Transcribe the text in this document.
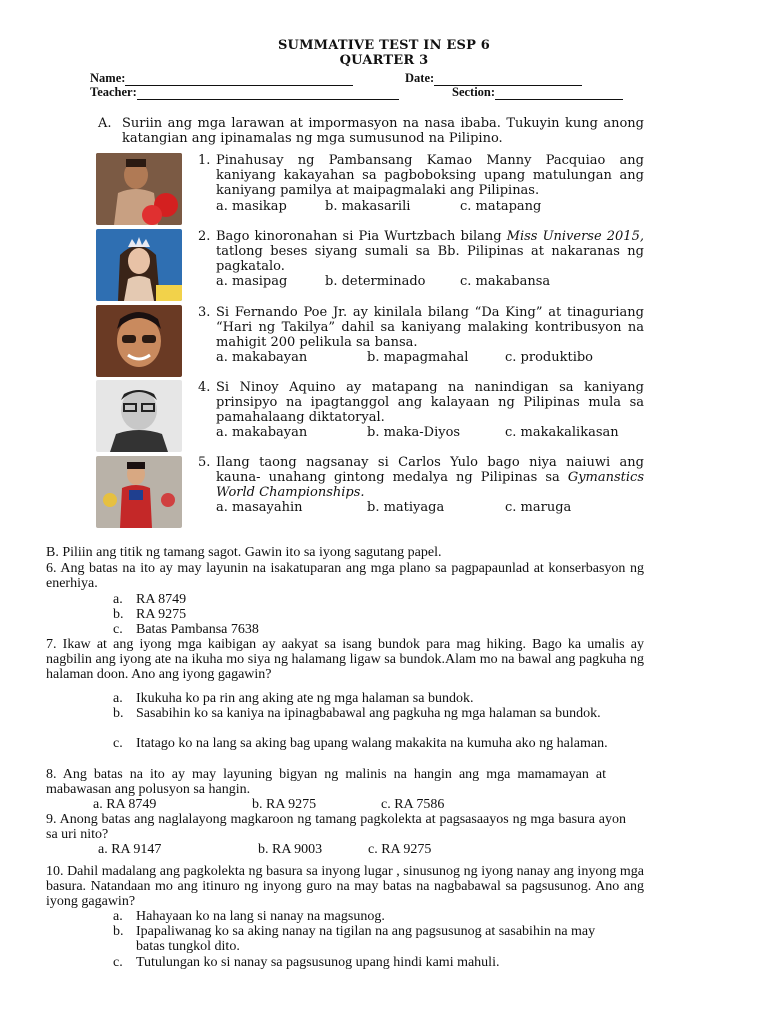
SUMMATIVE TEST IN ESP 6
QUARTER 3
Name:	Date:
Teacher:	Section:
A. Suriin ang mga larawan at impormasyon na nasa ibaba. Tukuyin kung anong katangian ang ipinamalas ng mga sumusunod na Pilipino.
1. Pinahusay ng Pambansang Kamao Manny Pacquiao ang kaniyang kakayahan sa pagboboksing upang matulungan ang kaniyang pamilya at maipagmalaki ang Pilipinas.
a. masikap	b. makasarili	c. matapang
2. Bago kinoronahan si Pia Wurtzbach bilang Miss Universe 2015, tatlong beses siyang sumali sa Bb. Pilipinas at nakaranas ng pagkatalo.
a. masipag	b. determinado	c. makabansa
3. Si Fernando Poe Jr. ay kinilala bilang “Da King” at tinaguriang “Hari ng Takilya” dahil sa kaniyang malaking kontribusyon na mahigit 200 pelikula sa bansa.
a. makabayan	b. mapagmahal	c. produktibo
4. Si Ninoy Aquino ay matapang na nanindigan sa kaniyang prinsipyo na ipagtanggol ang kalayaan ng Pilipinas mula sa pamahalaang diktatoryal.
a. makabayan	b. maka-Diyos	c. makakalikasan
5. Ilang taong nagsanay si Carlos Yulo bago niya naiuwi ang kauna- unahang gintong medalya ng Pilipinas sa Gymanstics World Championships.
a. masayahin	b. matiyaga	c. maruga
B. Piliin ang titik ng tamang sagot. Gawin ito sa iyong sagutang papel.
6. Ang batas na ito ay may layunin na isakatuparan ang mga plano sa pagpapaunlad at konserbasyon ng enerhiya.
a. RA 8749
b. RA 9275
c. Batas Pambansa 7638
7. Ikaw at ang iyong mga kaibigan ay aakyat sa isang bundok para mag hiking. Bago ka umalis ay nagbilin ang iyong ate na ikuha mo siya ng halamang ligaw sa bundok.Alam mo na bawal ang pagkuha ng halaman doon. Ano ang iyong gagawin?
a. Ikukuha ko pa rin ang aking ate ng mga halaman sa bundok.
b. Sasabihin ko sa kaniya na ipinagbabawal ang pagkuha ng mga halaman sa bundok.
c. Itatago ko na lang sa aking bag upang walang makakita na kumuha ako ng halaman.
8. Ang batas na ito ay may layuning bigyan ng malinis na hangin ang mga mamamayan at mabawasan ang polusyon sa hangin.
a. RA 8749	b. RA 9275	c. RA 7586
9. Anong batas ang naglalayong magkaroon ng tamang pagkolekta at pagsasaayos ng mga basura ayon sa uri nito?
a. RA 9147	b. RA 9003	c. RA 9275
10. Dahil madalang ang pagkolekta ng basura sa inyong lugar , sinusunog ng iyong nanay ang inyong mga basura. Natandaan mo ang itinuro ng inyong guro na may batas na nagbabawal sa pagsusunog. Ano ang iyong gagawin?
a. Hahayaan ko na lang si nanay na magsunog.
b. Ipapaliwanag ko sa aking nanay na tigilan na ang pagsusunog at sasabihin na may batas tungkol dito.
c. Tutulungan ko si nanay sa pagsusunog upang hindi kami mahuli.
